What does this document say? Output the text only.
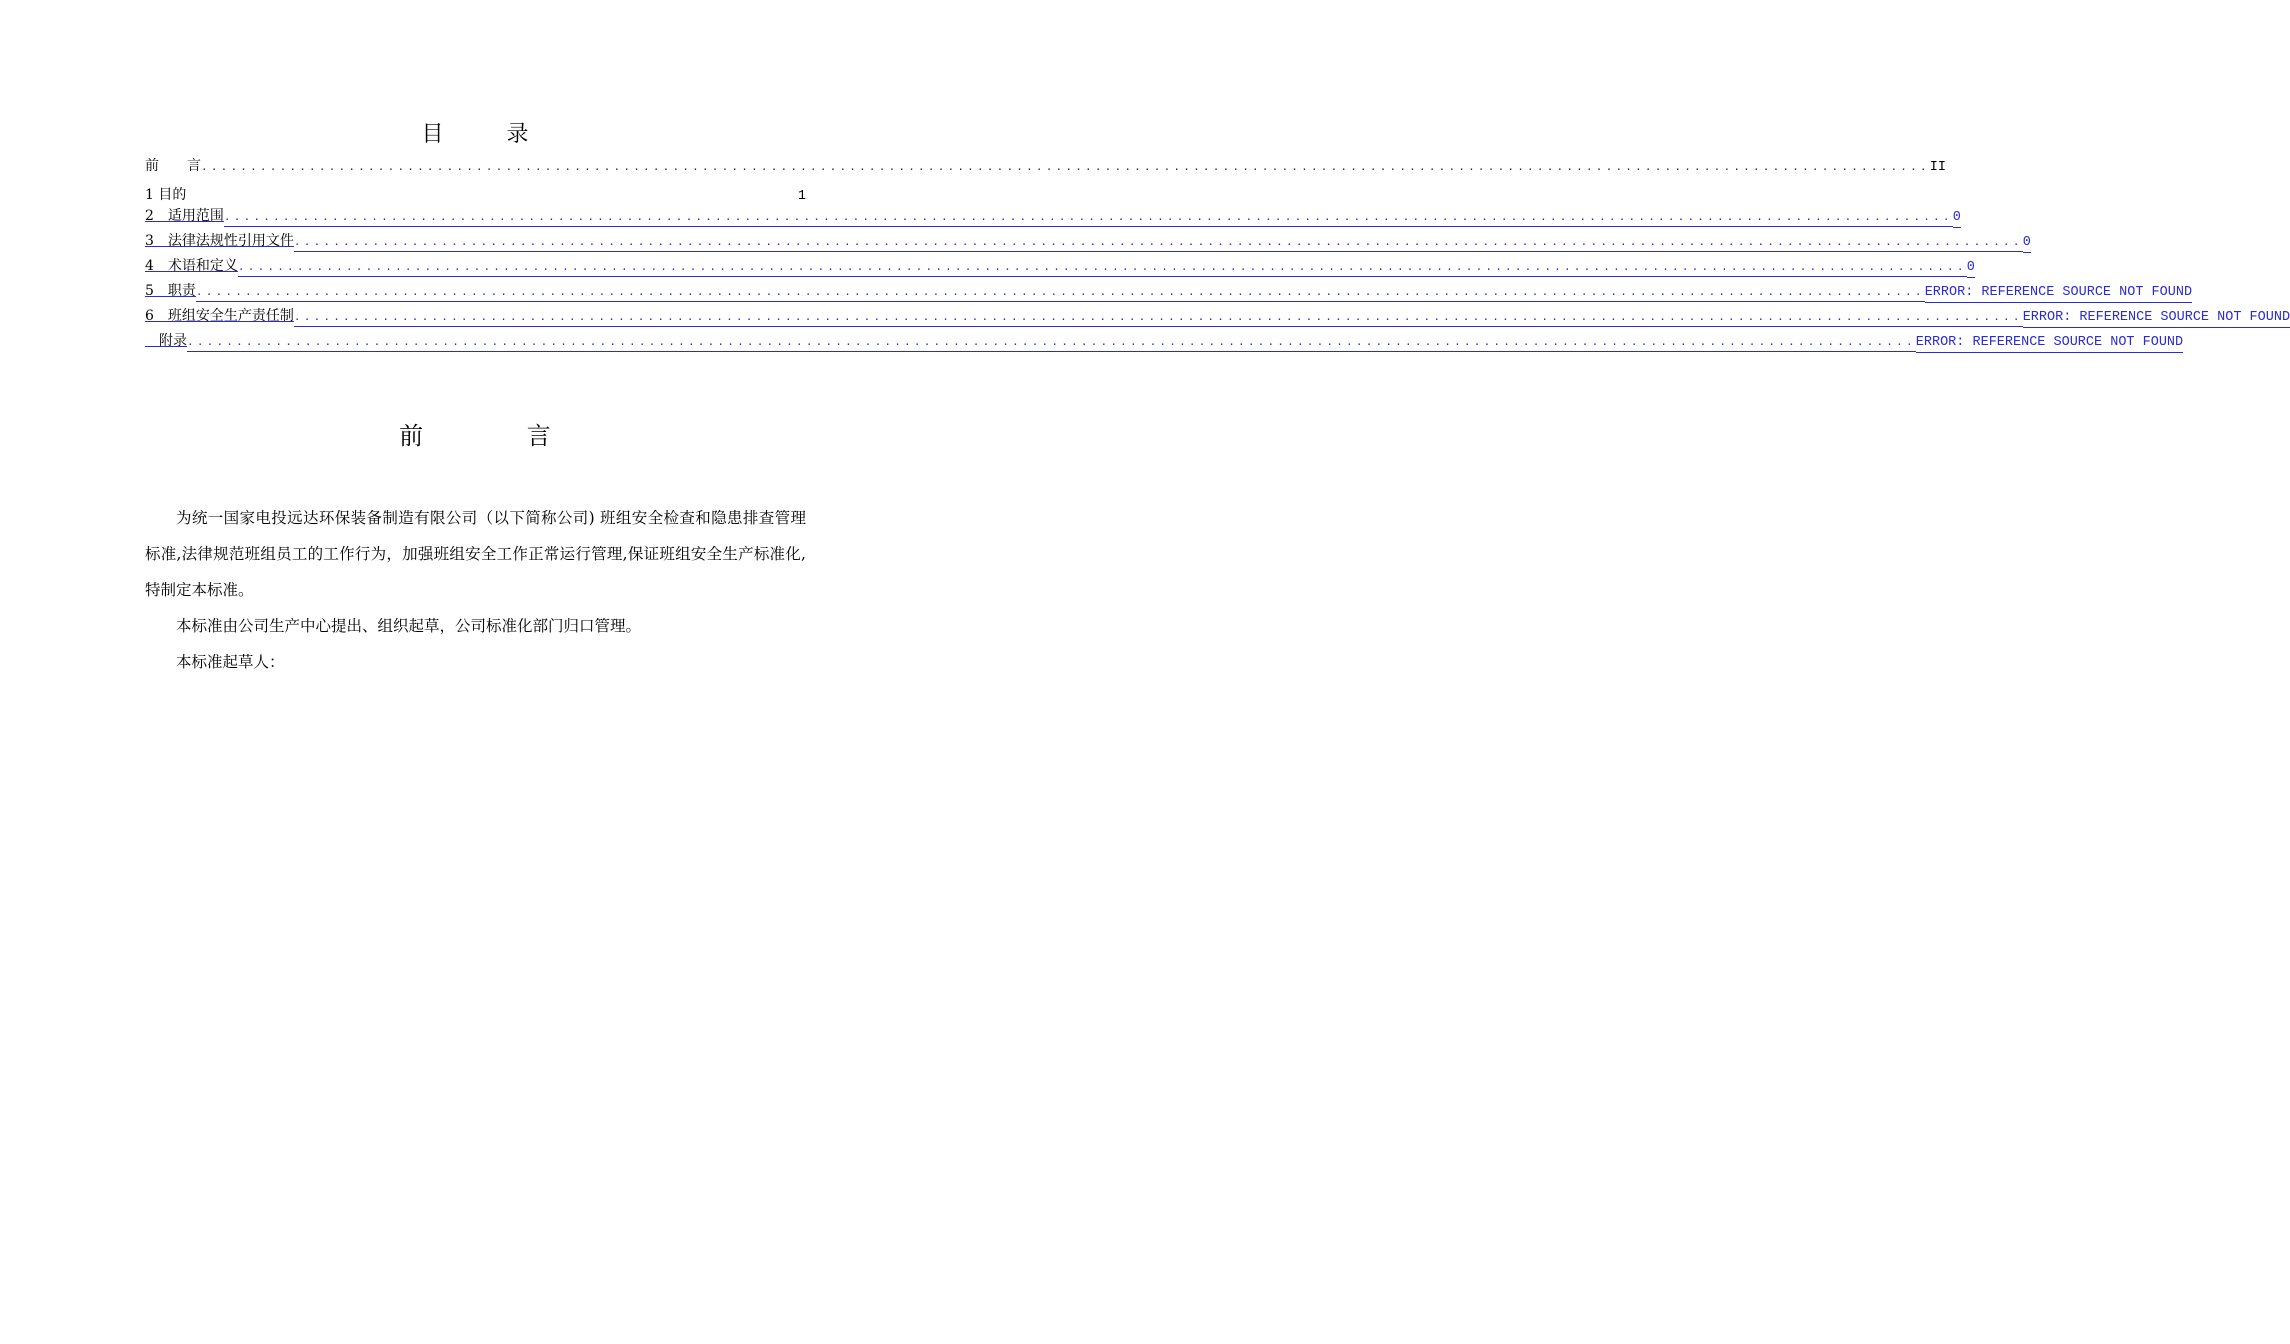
目 录
前　　言 ................................................................................................................................................................................ II
1 目的	1
2　适用范围 ................................................................................................................................................................................ 0
3　法律法规性引用文件 ................................................................................................................................................................................ 0
4　术语和定义 ................................................................................................................................................................................ 0
5　职责 ................................................................................................................................................................................ ERROR: REFERENCE SOURCE NOT FOUND
6　班组安全生产责任制 ................................................................................................................................................................................ ERROR: REFERENCE SOURCE NOT FOUND
　附录 ................................................................................................................................................................................ ERROR: REFERENCE SOURCE NOT FOUND
前 言

为统一国家电投远达环保装备制造有限公司（以下简称公司) 班组安全检查和隐患排查管理标准,法律规范班组员工的工作行为，加强班组安全工作正常运行管理,保证班组安全生产标准化,特制定本标准。

本标准由公司生产中心提出、组织起草，公司标准化部门归口管理。

本标准起草人：
